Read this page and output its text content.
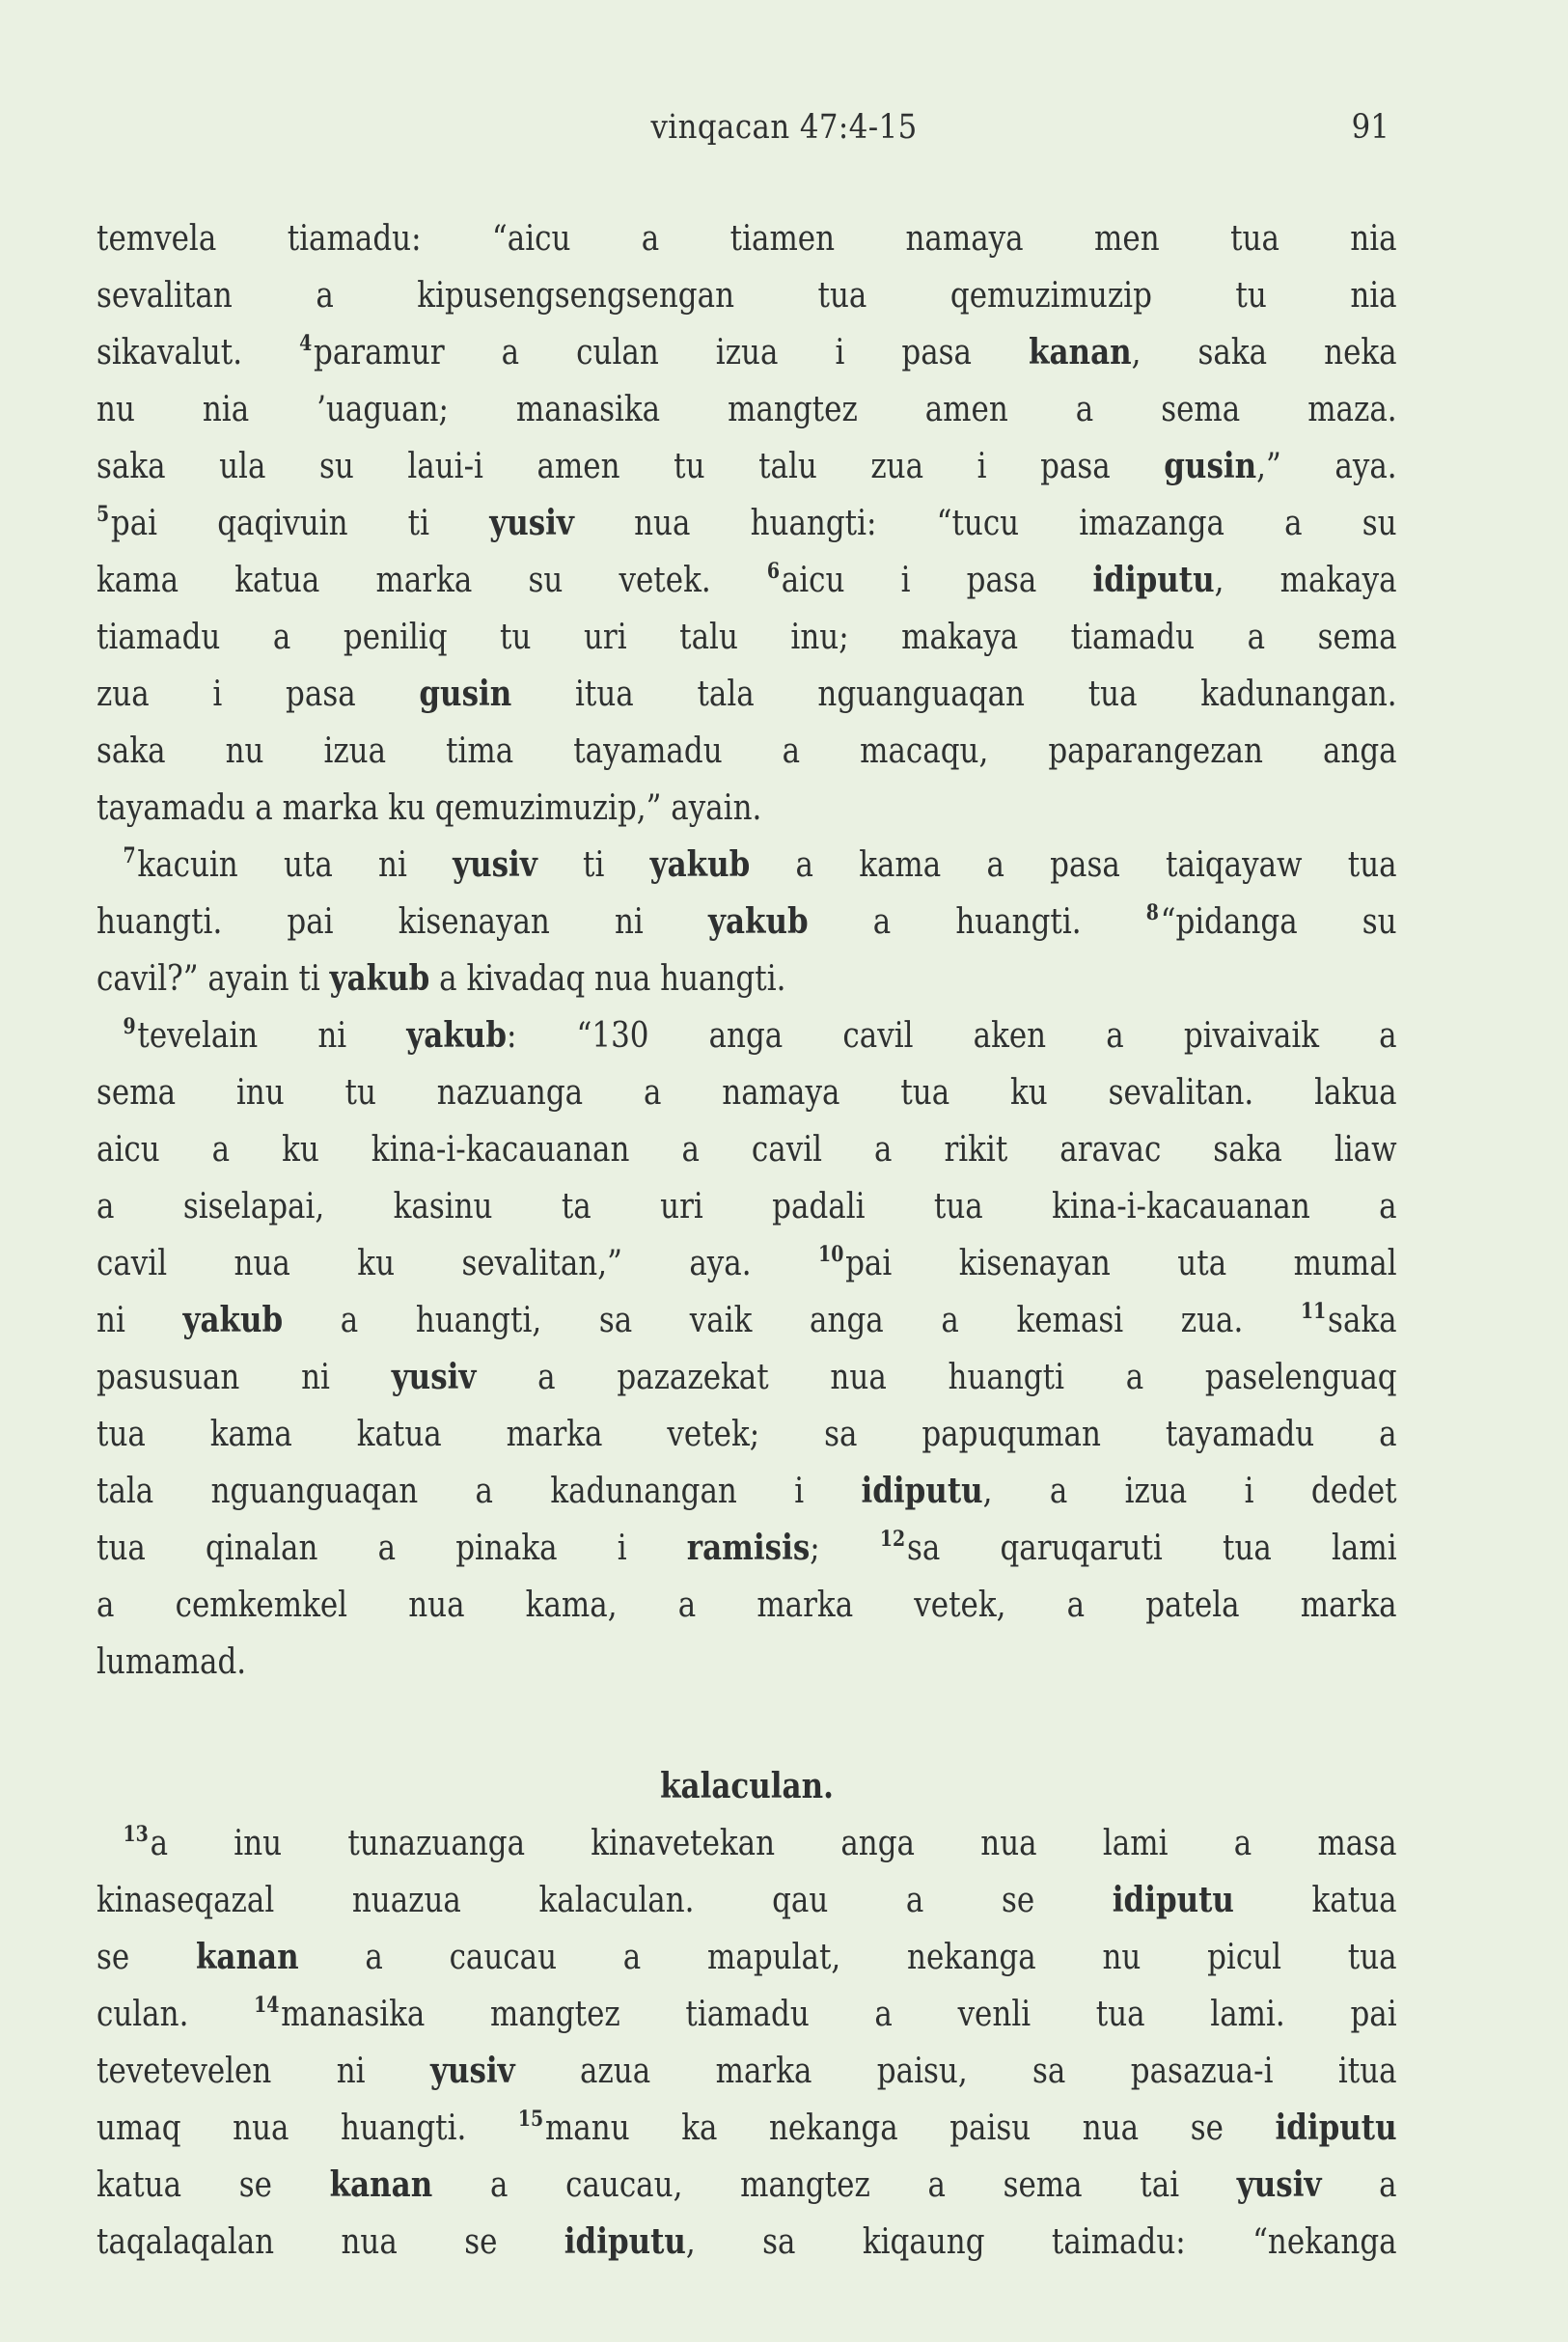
vinqacan 47:4-15	91
temvela tiamadu: “aicu a tiamen namaya men tua nia
sevalitan a kipusengsengsengan tua qemuzimuzip tu nia
sikavalut. $^4$paramur a culan izua i pasa kanan, saka neka
nu nia ’uaguan; manasika mangtez amen a sema maza.
saka ula su laui-i amen tu talu zua i pasa gusin,” aya.
$^5$pai qaqivuin ti yusiv nua huangti: “tucu imazanga a su
kama katua marka su vetek. $^6$aicu i pasa idiputu, makaya
tiamadu a peniliq tu uri talu inu; makaya tiamadu a sema
zua i pasa gusin itua tala nguanguaqan tua kadunangan.
saka nu izua tima tayamadu a macaqu, paparangezan anga
tayamadu a marka ku qemuzimuzip,” ayain.
$^7$kacuin uta ni yusiv ti yakub a kama a pasa taiqayaw tua
huangti. pai kisenayan ni yakub a huangti. $^8$“pidanga su
cavil?” ayain ti yakub a kivadaq nua huangti.
$^9$tevelain ni yakub: “130 anga cavil aken a pivaivaik a
sema inu tu nazuanga a namaya tua ku sevalitan. lakua
aicu a ku kina-i-kacauanan a cavil a rikit aravac saka liaw
a siselapai, kasinu ta uri padali tua kina-i-kacauanan a
cavil nua ku sevalitan,” aya. $^{10}$pai kisenayan uta mumal
ni yakub a huangti, sa vaik anga a kemasi zua. $^{11}$saka
pasusuan ni yusiv a pazazekat nua huangti a paselenguaq
tua kama katua marka vetek; sa papuquman tayamadu a
tala nguanguaqan a kadunangan i idiputu, a izua i dedet
tua qinalan a pinaka i ramisis; $^{12}$sa qaruqaruti tua lami
a cemkemkel nua kama, a marka vetek, a patela marka
lumamad.
kalaculan.
$^{13}$a inu tunazuanga kinavetekan anga nua lami a masa
kinaseqazal nuazua kalaculan. qau a se idiputu katua
se kanan a caucau a mapulat, nekanga nu picul tua
culan. $^{14}$manasika mangtez tiamadu a venli tua lami. pai
tevetevelen ni yusiv azua marka paisu, sa pasazua-i itua
umaq nua huangti. $^{15}$manu ka nekanga paisu nua se idiputu
katua se kanan a caucau, mangtez a sema tai yusiv a
taqalaqalan nua se idiputu, sa kiqaung taimadu: “nekanga
